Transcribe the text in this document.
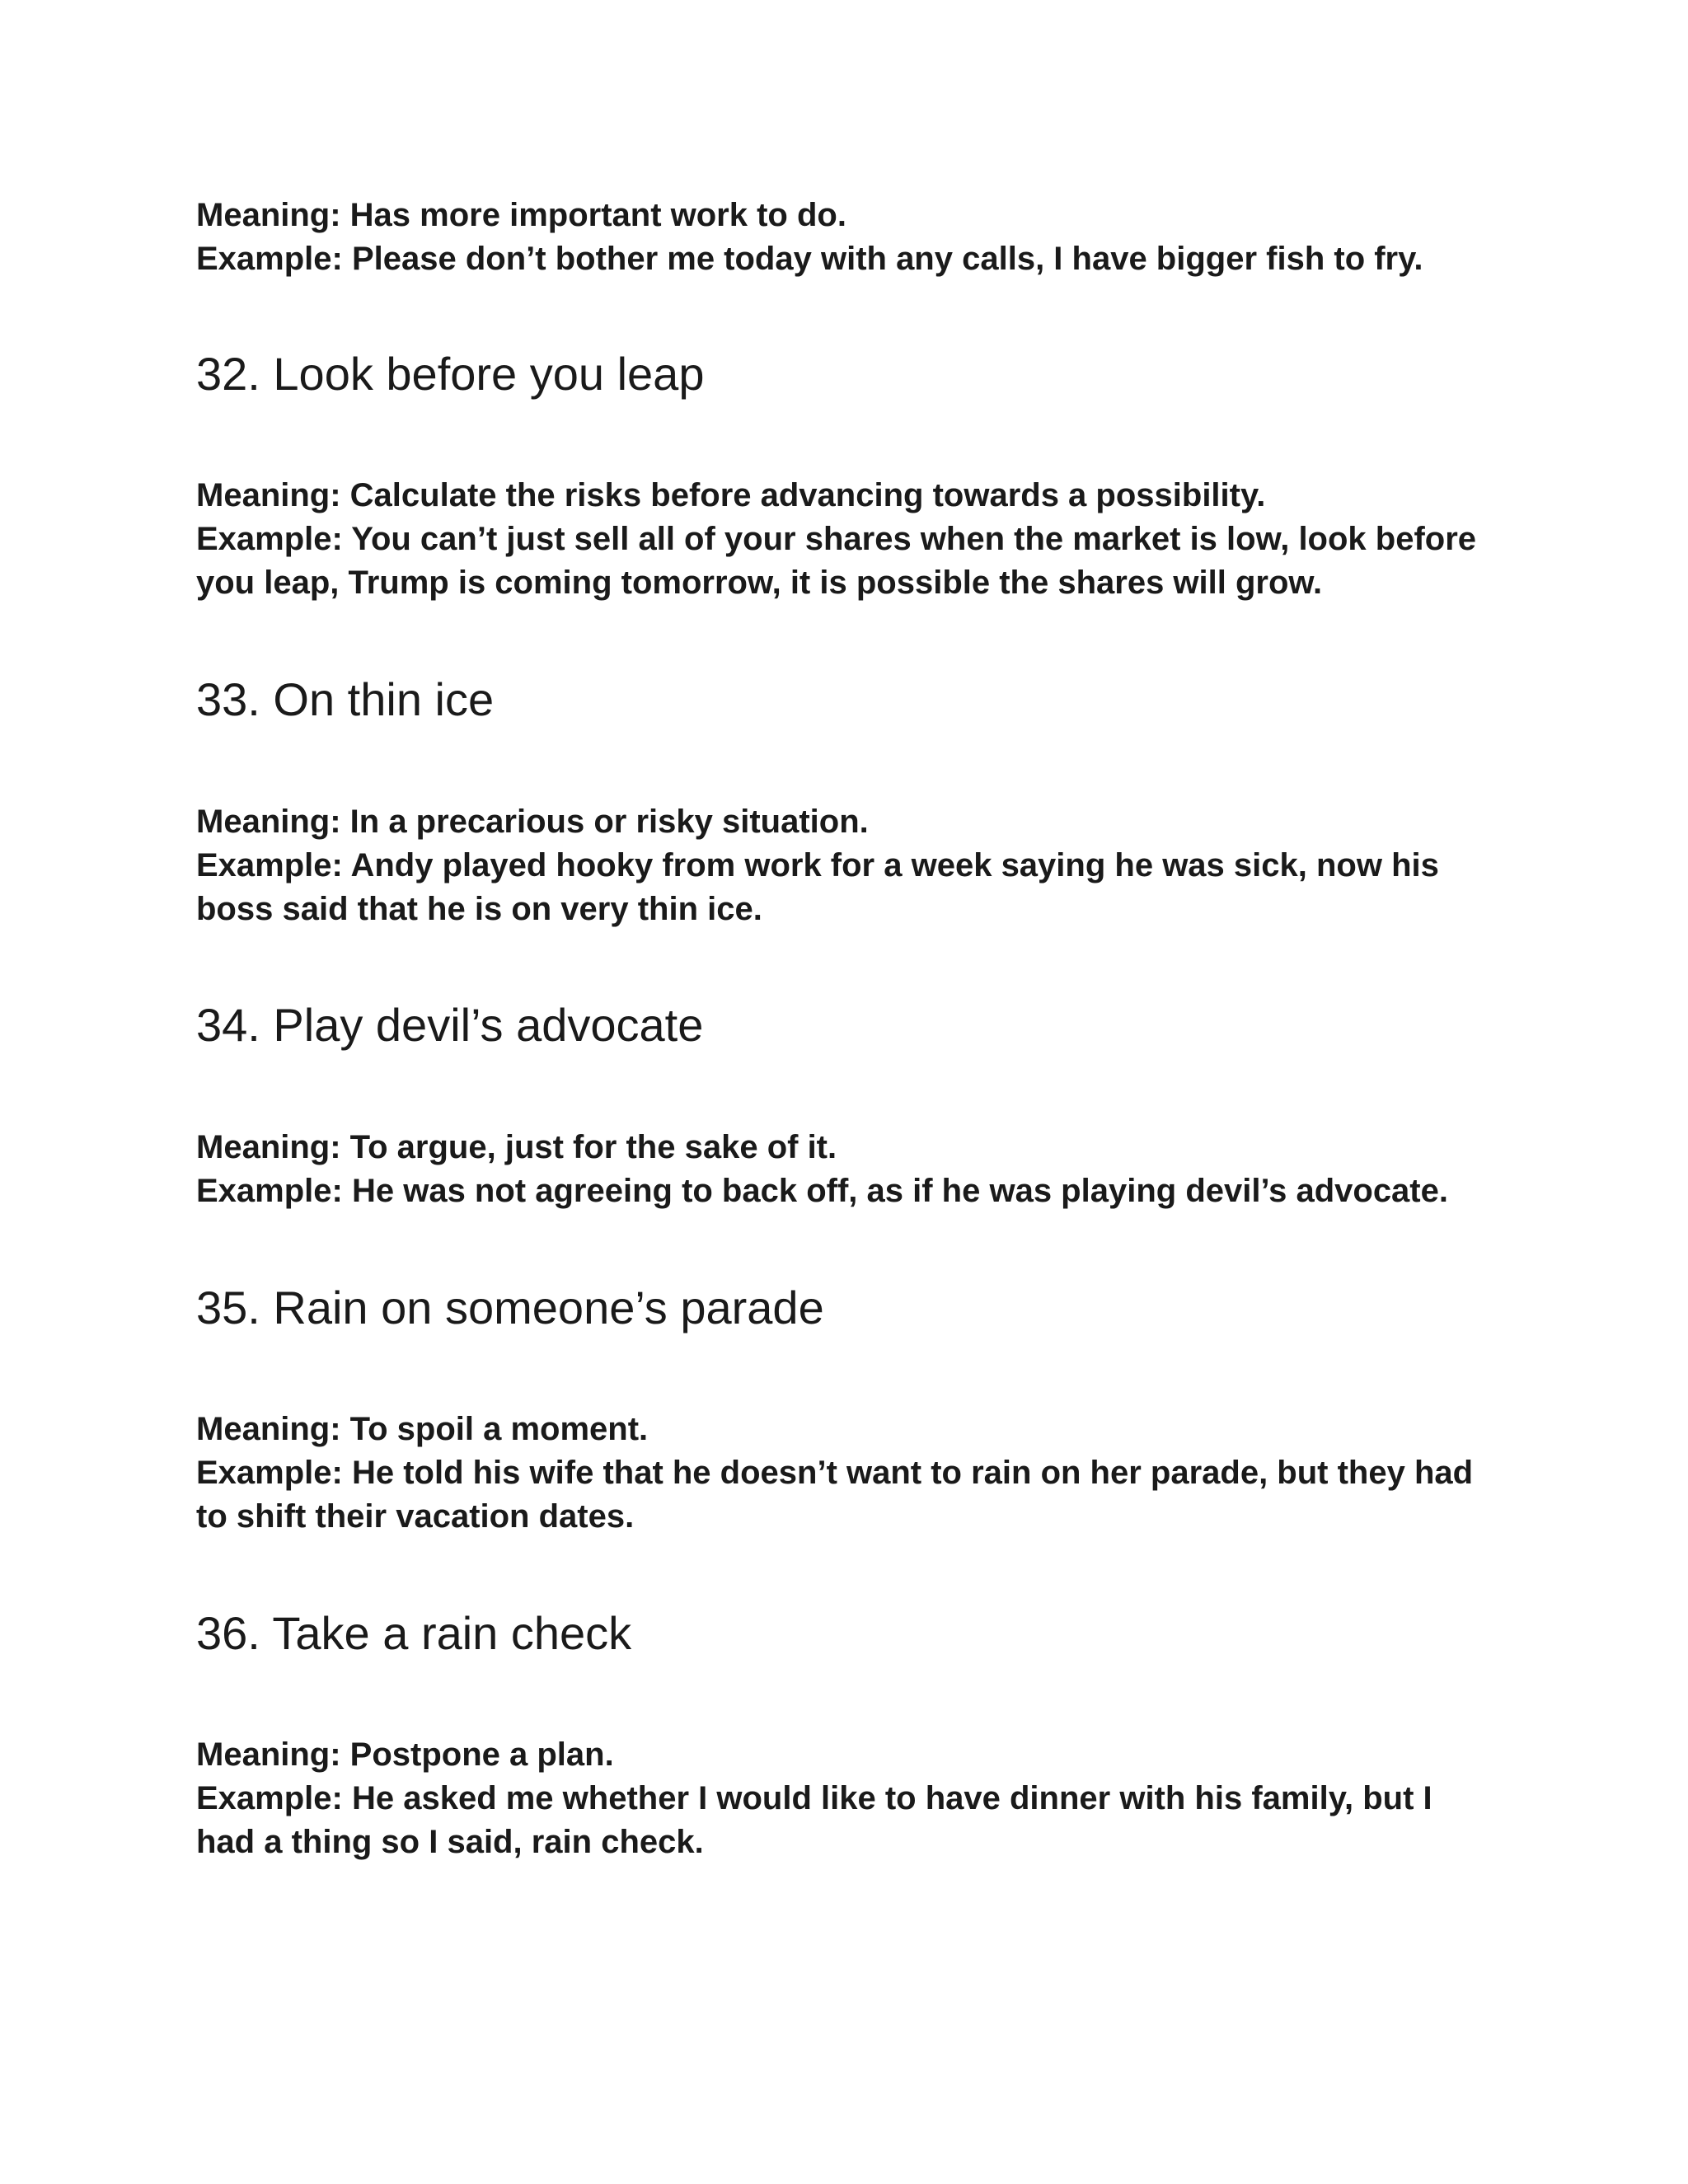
Meaning: Has more important work to do.
Example: Please don’t bother me today with any calls, I have bigger fish to fry.
32. Look before you leap
Meaning: Calculate the risks before advancing towards a possibility.
Example: You can’t just sell all of your shares when the market is low, look before
you leap, Trump is coming tomorrow, it is possible the shares will grow.
33. On thin ice
Meaning: In a precarious or risky situation.
Example: Andy played hooky from work for a week saying he was sick, now his
boss said that he is on very thin ice.
34. Play devil’s advocate
Meaning: To argue, just for the sake of it.
Example: He was not agreeing to back off, as if he was playing devil’s advocate.
35. Rain on someone’s parade
Meaning: To spoil a moment.
Example: He told his wife that he doesn’t want to rain on her parade, but they had
to shift their vacation dates.
36. Take a rain check
Meaning: Postpone a plan.
Example: He asked me whether I would like to have dinner with his family, but I
had a thing so I said, rain check.
